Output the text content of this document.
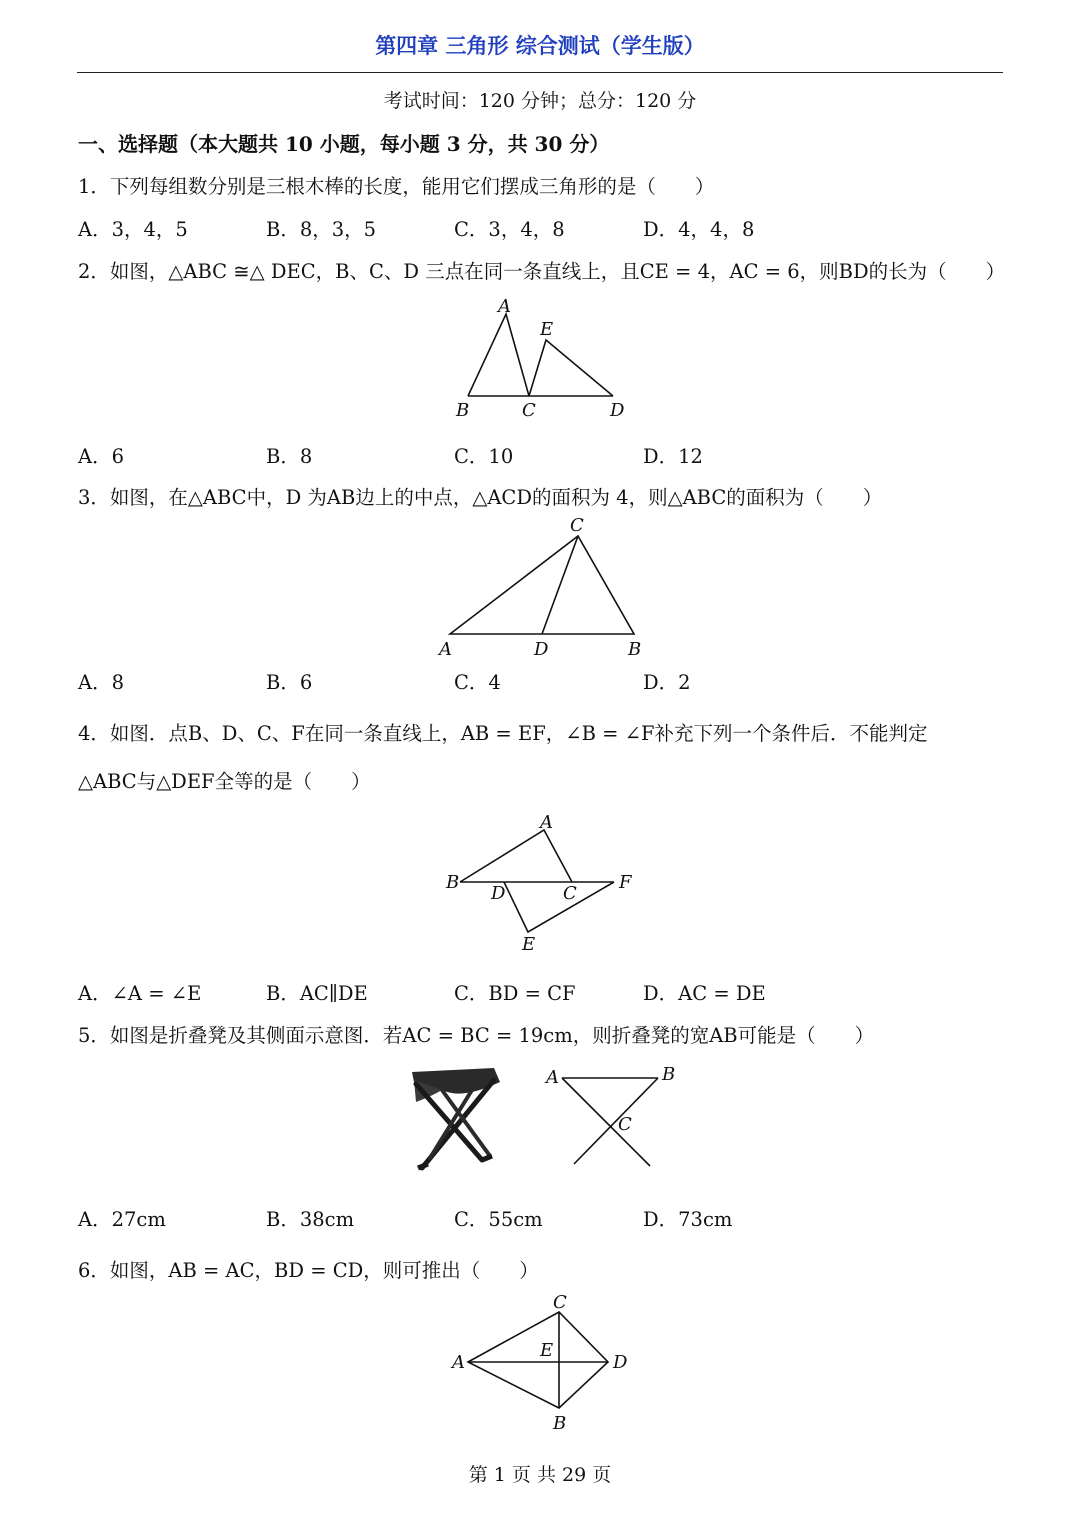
第四章 三角形 综合测试（学生版）
考试时间：120 分钟；总分：120 分
一、选择题（本大题共 10 小题，每小题 3 分，共 30 分）
1．下列每组数分别是三根木棒的长度，能用它们摆成三角形的是（　　）
A．3，4，5	B．8，3，5	C．3，4，8	D．4，4，8
2．如图，△ABC ≅△ DEC，B、C、D 三点在同一条直线上，且CE = 4，AC = 6，则BD的长为（　　）
A
E
B	C	D
A．6	B．8	C．10	D．12
3．如图，在△ABC中，D 为AB边上的中点，△ACD的面积为 4，则△ABC的面积为（　　）
C
A	D	B
A．8	B．6	C．4	D．2
4．如图．点B、D、C、F在同一条直线上，AB = EF，∠B = ∠F补充下列一个条件后．不能判定
△ABC与△DEF全等的是（　　）
A
B
D	C
F
E
A．∠A = ∠E	B．AC∥DE	C．BD = CF	D．AC = DE
5．如图是折叠凳及其侧面示意图．若AC = BC = 19cm，则折叠凳的宽AB可能是（　　）
A	B
C
A．27cm	B．38cm	C．55cm	D．73cm
6．如图，AB = AC，BD = CD，则可推出（　　）
C
A
E
D
B
第 1 页 共 29 页
